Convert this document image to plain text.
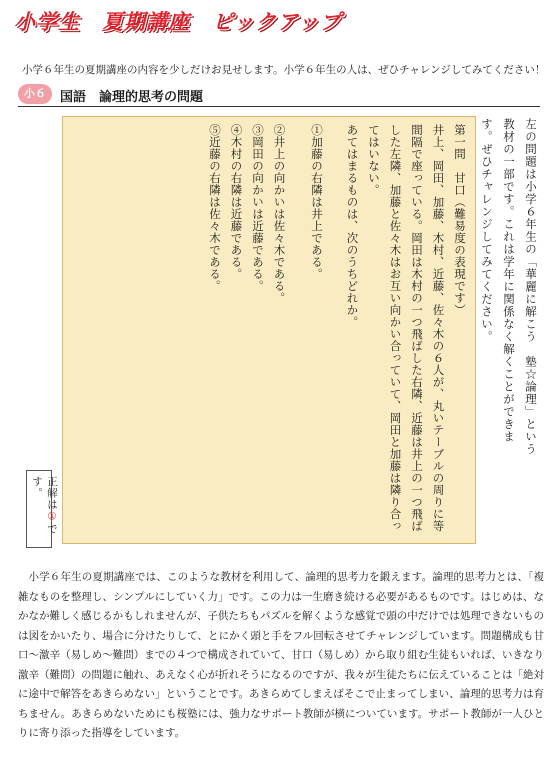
小学生　夏期講座　ピックアップ
小学６年生の夏期講座の内容を少しだけお見せします。小学６年生の人は、ぜひチャレンジしてみてください！
小６	国語　論理的思考の問題
左の問題は小学６年生の「華麗に解こう　塾☆論理」という教材の一部です。これは学年に関係なく解くことができます。ぜひチャレンジしてみてください。

第一問　甘口（難易度の表現です）

井上、岡田、加藤、木村、近藤、佐々木の６人が、丸いテーブルの周りに等間隔で座っている。岡田は木村の一つ飛ばした右隣、近藤は井上の一つ飛ばした左隣、加藤と佐々木はお互い向かい合っていて、岡田と加藤は隣り合ってはいない。

あてはまるものは、次のうちどれか。

①加藤の右隣は井上である。

②井上の向かいは佐々木である。

③岡田の向かいは近藤である。

④木村の右隣は近藤である。

⑤近藤の右隣は佐々木である。

正解は①です。

小学６年生の夏期講座では、このような教材を利用して、論理的思考力を鍛えます。論理的思考力とは、「複雑なものを整理し、シンプルにしていく力」です。この力は一生磨き続ける必要があるものです。はじめは、なかなか難しく感じるかもしれませんが、子供たちもパズルを解くような感覚で頭の中だけでは処理できないものは図をかいたり、場合に分けたりして、とにかく頭と手をフル回転させてチャレンジしています。問題構成も甘口～激辛（易しめ～難問）までの４つで構成されていて、甘口（易しめ）から取り組む生徒もいれば、いきなり激辛（難問）の問題に触れ、あえなく心が折れそうになるのですが、我々が生徒たちに伝えていることは「絶対に途中で解答をあきらめない」ということです。あきらめてしまえばそこで止まってしまい、論理的思考力は育ちません。あきらめないためにも桜塾には、強力なサポート教師が横についています。サポート教師が一人ひとりに寄り添った指導をしています。
